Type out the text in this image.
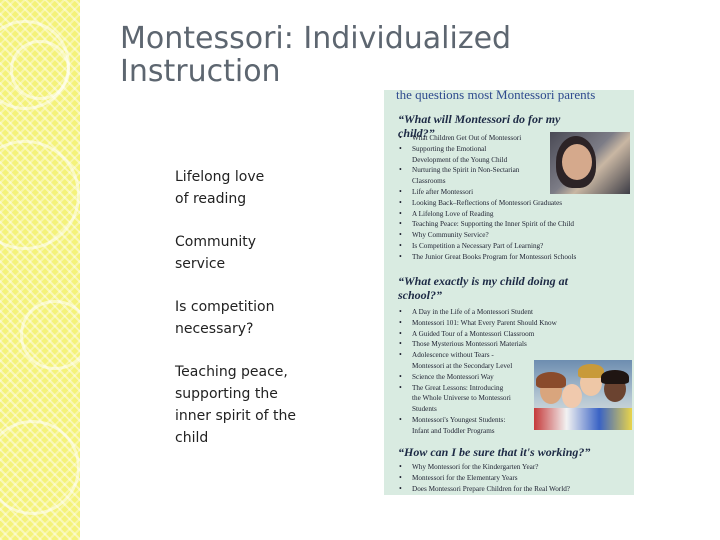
Montessori: Individualized
Instruction

Lifelong love
of reading

Community
service

Is competition
necessary?

Teaching peace,
supporting the
inner spirit of the
child

the questions most Montessori parents
“What will Montessori do for my child?”
• What Children Get Out of Montessori
• Supporting the Emotional
Development of the Young Child
• Nurturing the Spirit in Non-Sectarian
Classrooms
• Life after Montessori
• Looking Back–Reflections of Montessori Graduates
• A Lifelong Love of Reading
• Teaching Peace: Supporting the Inner Spirit of the Child
• Why Community Service?
• Is Competition a Necessary Part of Learning?
• The Junior Great Books Program for Montessori Schools
“What exactly is my child doing at
school?”
• A Day in the Life of a Montessori Student
• Montessori 101: What Every Parent Should Know
• A Guided Tour of a Montessori Classroom
• Those Mysterious Montessori Materials
• Adolescence without Tears -
Montessori at the Secondary Level
• Science the Montessori Way
• The Great Lessons: Introducing
the Whole Universe to Montessori
Students
• Montessori's Youngest Students:
Infant and Toddler Programs
“How can I be sure that it's working?”
• Why Montessori for the Kindergarten Year?
• Montessori for the Elementary Years
• Does Montessori Prepare Children for the Real World?
